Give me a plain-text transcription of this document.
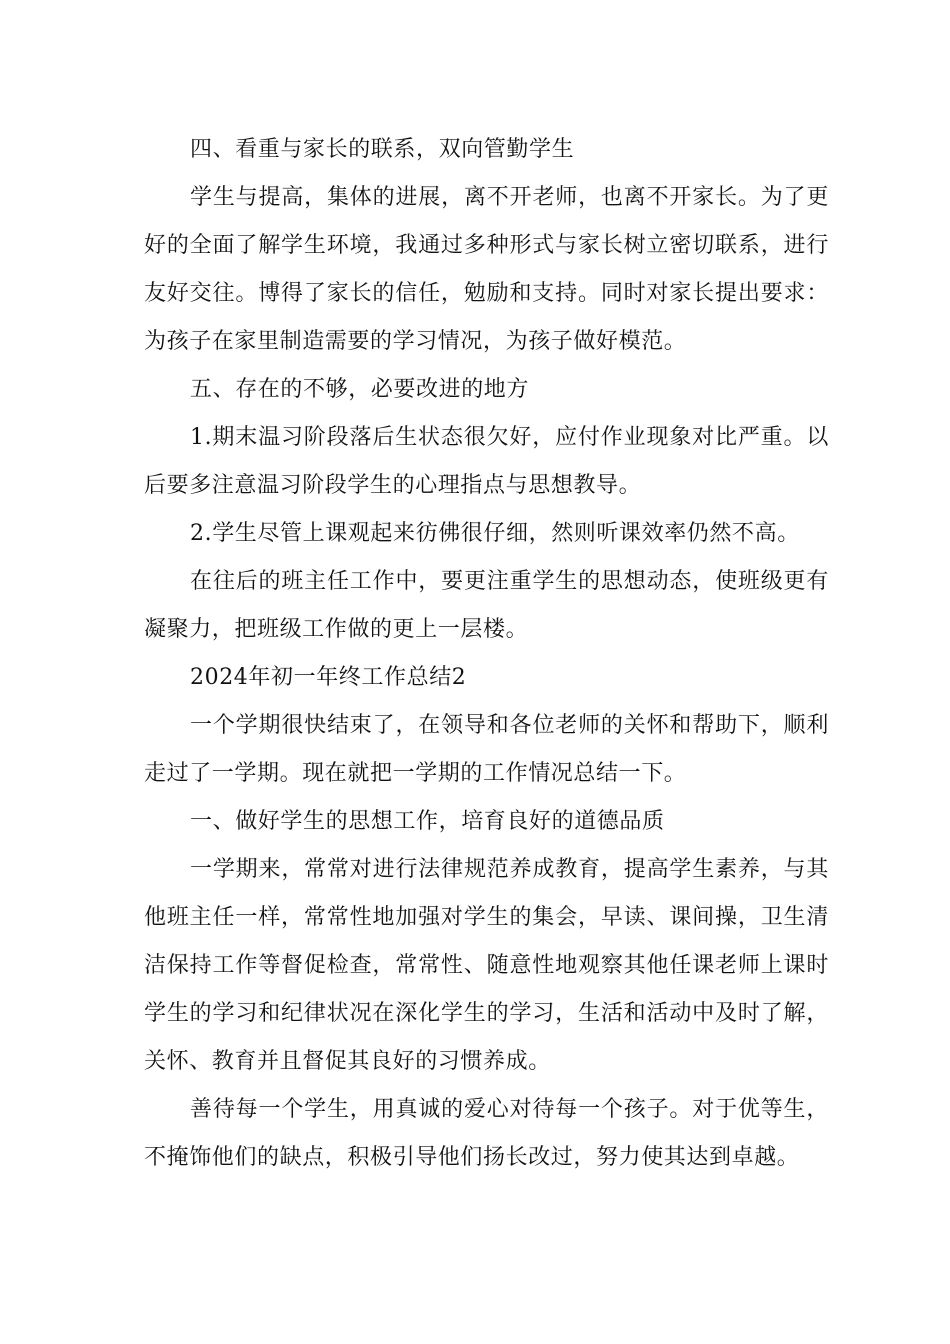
四、看重与家长的联系，双向管勤学生

学生与提高，集体的进展，离不开老师，也离不开家长。为了更好的全面了解学生环境，我通过多种形式与家长树立密切联系，进行友好交往。博得了家长的信任，勉励和支持。同时对家长提出要求：为孩子在家里制造需要的学习情况，为孩子做好模范。

五、存在的不够，必要改进的地方

1.期末温习阶段落后生状态很欠好，应付作业现象对比严重。以后要多注意温习阶段学生的心理指点与思想教导。

2.学生尽管上课观起来彷佛很仔细，然则听课效率仍然不高。

在往后的班主任工作中，要更注重学生的思想动态，使班级更有凝聚力，把班级工作做的更上一层楼。

2024年初一年终工作总结2

一个学期很快结束了，在领导和各位老师的关怀和帮助下，顺利走过了一学期。现在就把一学期的工作情况总结一下。

一、做好学生的思想工作，培育良好的道德品质

一学期来，常常对进行法律规范养成教育，提高学生素养，与其他班主任一样，常常性地加强对学生的集会，早读、课间操，卫生清洁保持工作等督促检查，常常性、随意性地观察其他任课老师上课时学生的学习和纪律状况在深化学生的学习，生活和活动中及时了解，关怀、教育并且督促其良好的习惯养成。

善待每一个学生，用真诚的爱心对待每一个孩子。对于优等生，不掩饰他们的缺点，积极引导他们扬长改过，努力使其达到卓越。
